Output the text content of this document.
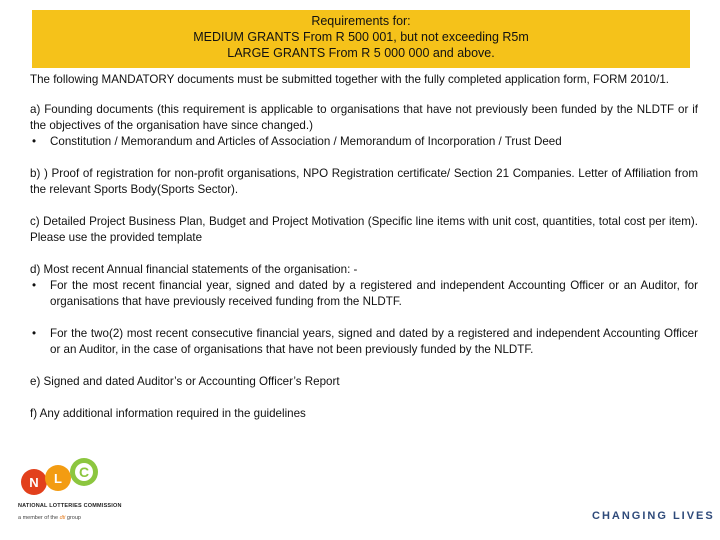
Requirements for:
MEDIUM GRANTS From R 500 001, but not exceeding R5m
LARGE GRANTS From R 5 000 000 and above.

The following MANDATORY documents must be submitted together with the fully completed application form, FORM 2010/1.

a) Founding documents (this requirement is applicable to organisations that have not previously been funded by the NLDTF or if the objectives of the organisation have since changed.)

• Constitution / Memorandum and Articles of Association / Memorandum of Incorporation / Trust Deed

b) ) Proof of registration for non-profit organisations, NPO Registration certificate/ Section 21 Companies. Letter of Affiliation from the relevant Sports Body(Sports Sector).

c) Detailed Project Business Plan, Budget and Project Motivation (Specific line items with unit cost, quantities, total cost per item). Please use the provided template

d) Most recent Annual financial statements of the organisation: -

• For the most recent financial year, signed and dated by a registered and independent Accounting Officer or an Auditor, for organisations that have previously received funding from the NLDTF.

• For the two(2) most recent consecutive financial years, signed and dated by a registered and independent Accounting Officer or an Auditor, in the case of organisations that have not been previously funded by the NLDTF.

e) Signed and dated Auditor’s or Accounting Officer’s Report

f) Any additional information required in the guidelines

N L C
NATIONAL LOTTERIES COMMISSION
a member of the dti group	CHANGING LIVES
